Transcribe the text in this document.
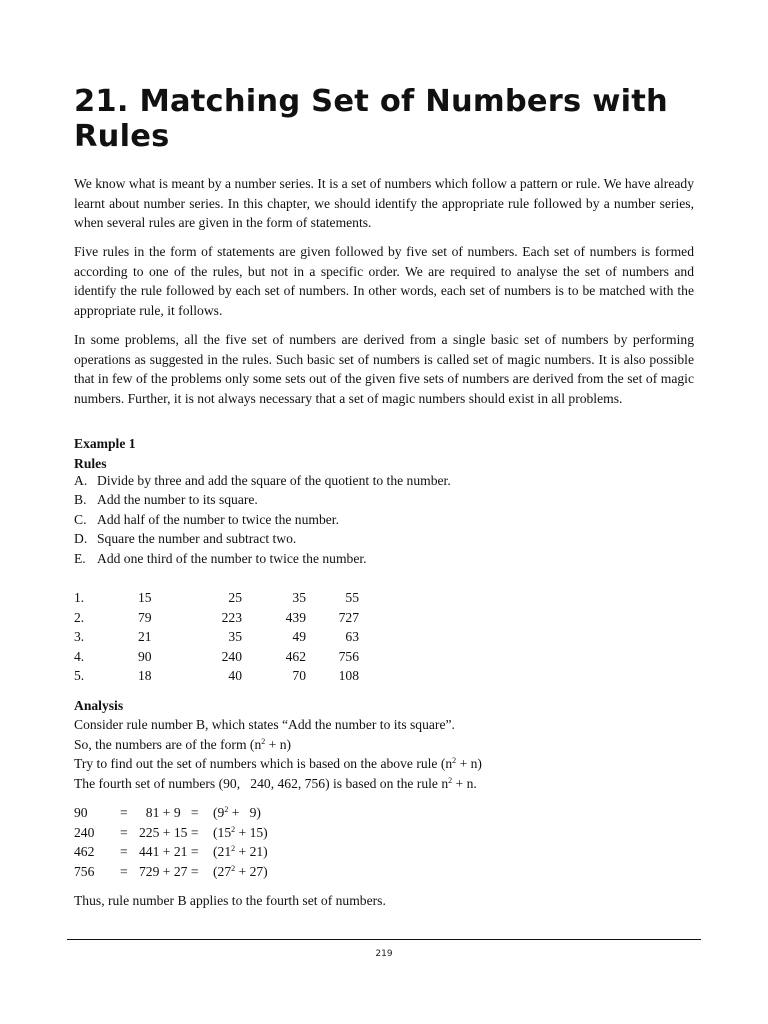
21. Matching Set of Numbers with Rules

We know what is meant by a number series. It is a set of numbers which follow a pattern or rule. We have already learnt about number series. In this chapter, we should identify the appropriate rule followed by a number series, when several rules are given in the form of statements.

Five rules in the form of statements are given followed by five set of numbers. Each set of numbers is formed according to one of the rules, but not in a specific order. We are required to analyse the set of numbers and identify the rule followed by each set of numbers. In other words, each set of numbers is to be matched with the appropriate rule, it follows.

In some problems, all the five set of numbers are derived from a single basic set of numbers by performing operations as suggested in the rules. Such basic set of numbers is called set of magic numbers. It is also possible that in few of the problems only some sets out of the given five sets of numbers are derived from the set of magic numbers. Further, it is not always necessary that a set of magic numbers should exist in all problems.

Example 1
Rules
A. Divide by three and add the square of the quotient to the number.
B. Add the number to its square.
C. Add half of the number to twice the number.
D. Square the number and subtract two.
E. Add one third of the number to twice the number.
1.	15	25	35	55
2.	79	223	439	727
3.	21	35	49	63
4.	90	240	462	756
5.	18	40	70	108
Analysis
Consider rule number B, which states “Add the number to its square”.
So, the numbers are of the form $(n^2 + n)$
Try to find out the set of numbers which is based on the above rule $(n^2 + n)$
The fourth set of numbers (90,   240, 462, 756) is based on the rule $n^2 + n$.
90	=	81 + 9 =	$(9^2 + 9)$
240	=	225 + 15 =	$(15^2 + 15)$
462	=	441 + 21 =	$(21^2 + 21)$
756	=	729 + 27 =	$(27^2 + 27)$
Thus, rule number B applies to the fourth set of numbers.
219
